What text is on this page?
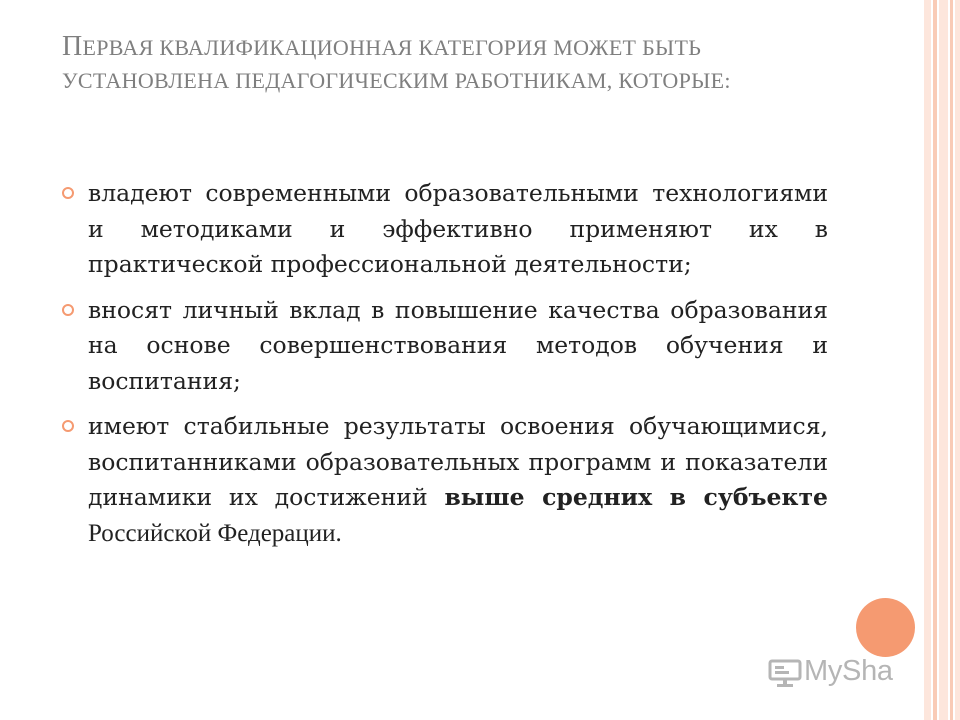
ПЕРВАЯ КВАЛИФИКАЦИОННАЯ КАТЕГОРИЯ МОЖЕТ БЫТЬ УСТАНОВЛЕНА ПЕДАГОГИЧЕСКИМ РАБОТНИКАМ, КОТОРЫЕ:
владеют современными образовательными технологиями и методиками и эффективно применяют их в практической профессиональной деятельности;
вносят личный вклад в повышение качества образования на основе совершенствования методов обучения и воспитания;
имеют стабильные результаты освоения обучающимися, воспитанниками образовательных программ и показатели динамики их достижений выше средних в субъекте Российской Федерации.
MySha
